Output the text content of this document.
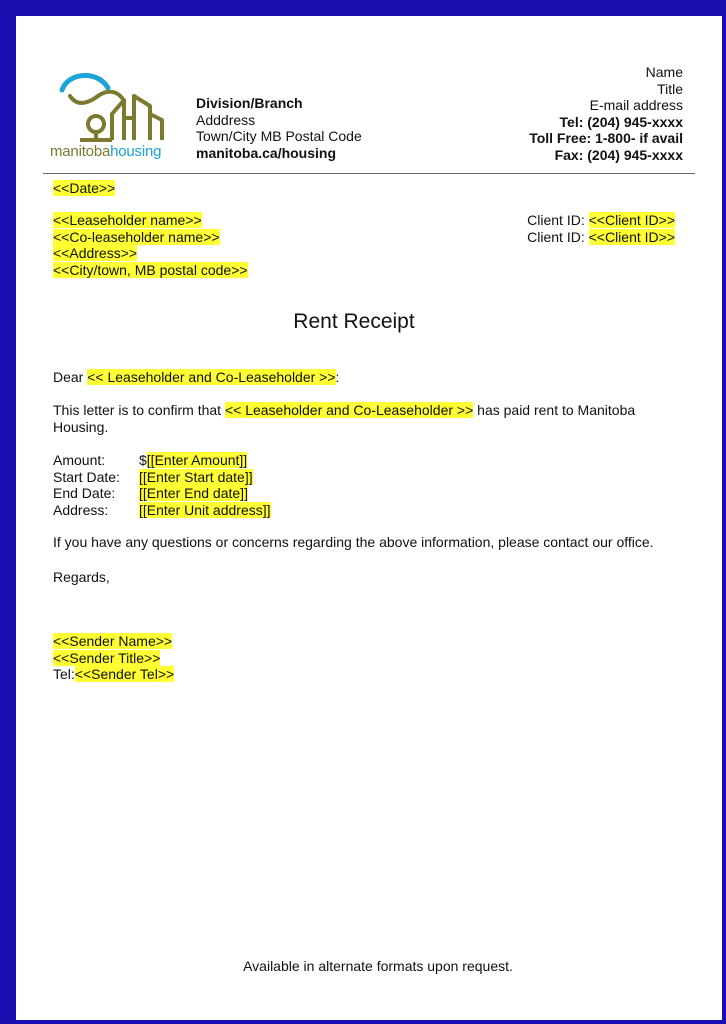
manitobahousing
Division/Branch
Adddress
Town/City MB Postal Code
manitoba.ca/housing
Name
Title
E-mail address
Tel: (204) 945-xxxx
Toll Free: 1-800- if avail
Fax: (204) 945-xxxx
<<Date>>
<<Leaseholder name>>
<<Co-leaseholder name>>
<<Address>>
<<City/town, MB postal code>>
Client ID: <<Client ID>>
Client ID: <<Client ID>>
Rent Receipt
Dear << Leaseholder and Co-Leaseholder >>:
This letter is to confirm that << Leaseholder and Co-Leaseholder >> has paid rent to Manitoba Housing.
Amount:	$[[Enter Amount]]
Start Date:	[[Enter Start date]]
End Date:	[[Enter End date]]
Address:	[[Enter Unit address]]
If you have any questions or concerns regarding the above information, please contact our office.
Regards,
<<Sender Name>>
<<Sender Title>>
Tel:<<Sender Tel>>
Available in alternate formats upon request.
